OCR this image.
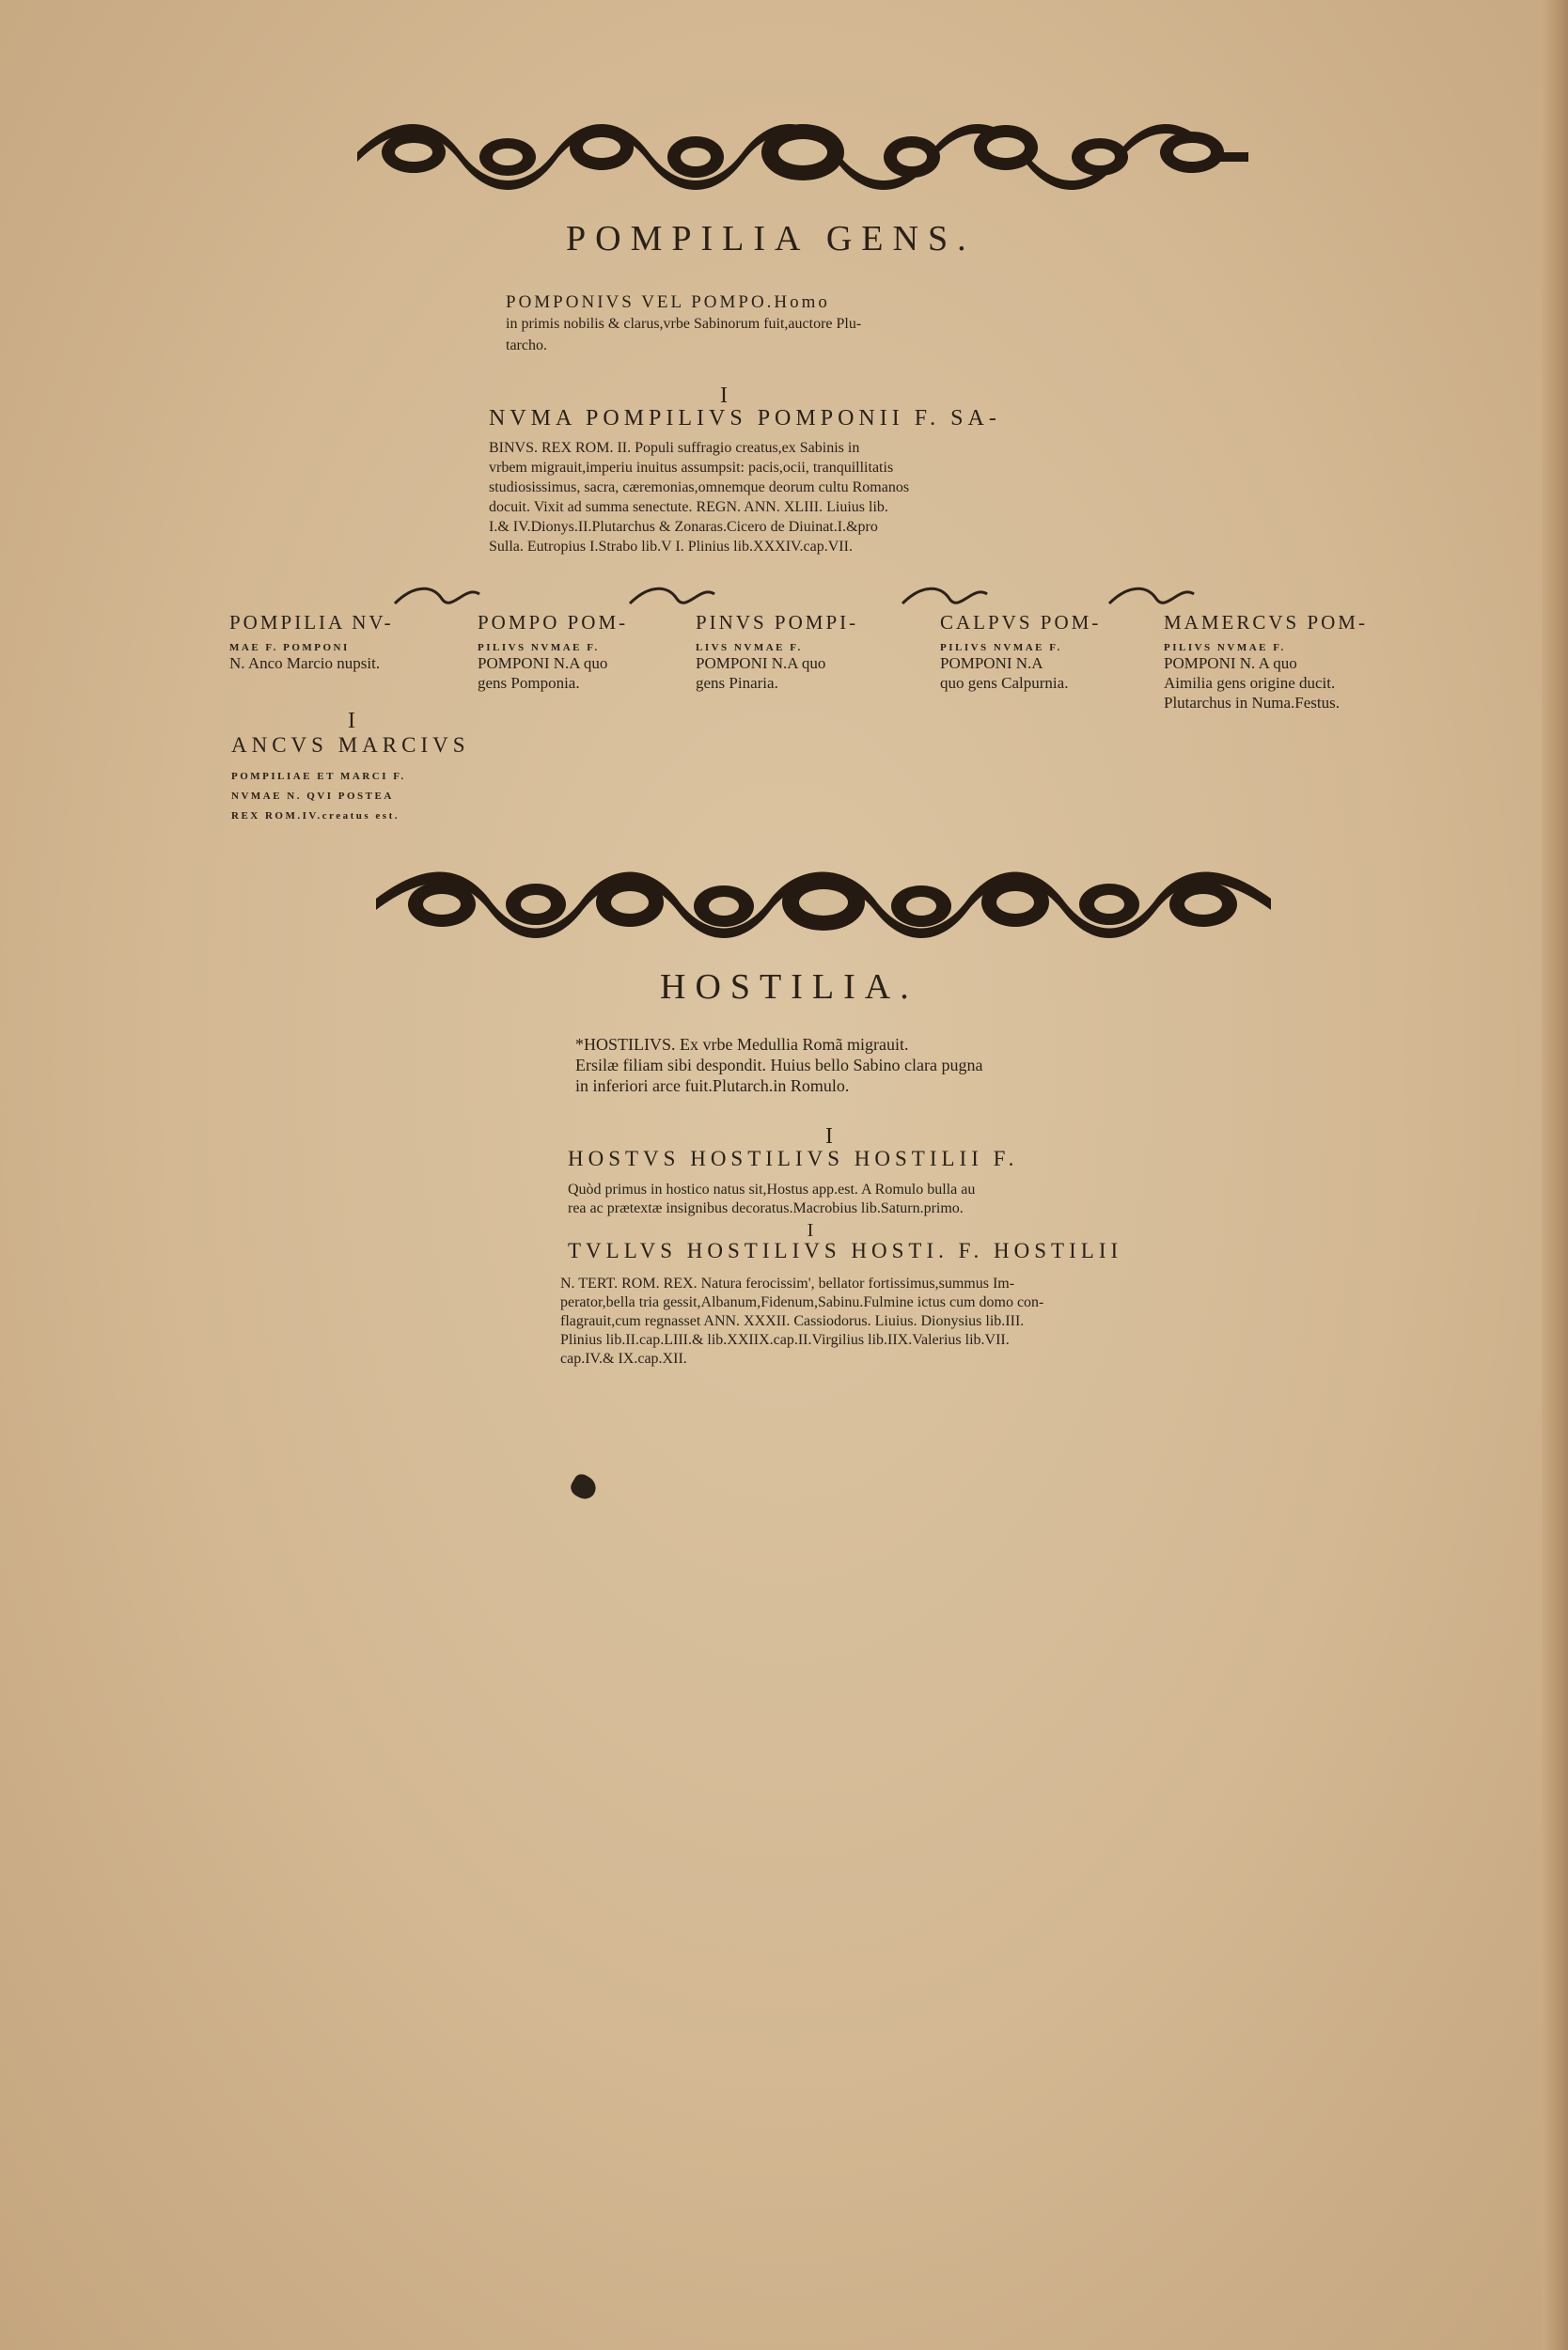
POMPILIA GENS.
POMPONIVS VEL POMPO.Homo
in primis nobilis & clarus,vrbe Sabinorum fuit,auctore Plu-
tarcho.
I
NVMA POMPILIVS POMPONII F. SA-
BINVS. REX ROM. II. Populi suffragio creatus,ex Sabinis in
vrbem migrauit,imperiu inuitus assumpsit: pacis,ocii, tranquillitatis
studiosissimus, sacra, cæremonias,omnemque deorum cultu Romanos
docuit. Vixit ad summa senectute. REGN. ANN. XLIII. Liuius lib.
I.& IV.Dionys.II.Plutarchus & Zonaras.Cicero de Diuinat.I.&pro
Sulla. Eutropius I.Strabo lib.V I. Plinius lib.XXXIV.cap.VII.
POMPILIA NV-
MAE F. POMPONI
N. Anco Marcio nupsit.
POMPO POM-
PILIVS NVMAE F.
POMPONI N.A quo
gens Pomponia.
PINVS POMPI-
LIVS NVMAE F.
POMPONI N.A quo
gens Pinaria.
CALPVS POM-
PILIVS NVMAE F.
POMPONI N.A
quo gens Calpurnia.
MAMERCVS POM-
PILIVS NVMAE F.
POMPONI N. A quo
Aimilia gens origine ducit.
Plutarchus in Numa.Festus.
I
ANCVS MARCIVS
POMPILIAE ET MARCI F.
NVMAE N. QVI POSTEA
REX ROM.IV.creatus est.
HOSTILIA.
*HOSTILIVS. Ex vrbe Medullia Romã migrauit.
Ersilæ filiam sibi despondit. Huius bello Sabino clara pugna
in inferiori arce fuit.Plutarch.in Romulo.
I
HOSTVS HOSTILIVS HOSTILII F.
Quòd primus in hostico natus sit,Hostus app.est. A Romulo bulla au
rea ac prætextæ insignibus decoratus.Macrobius lib.Saturn.primo.
I
TVLLVS HOSTILIVS HOSTI. F. HOSTILII
N. TERT. ROM. REX. Natura ferocissim', bellator fortissimus,summus Im-
perator,bella tria gessit,Albanum,Fidenum,Sabinu.Fulmine ictus cum domo con-
flagrauit,cum regnasset ANN. XXXII. Cassiodorus. Liuius. Dionysius lib.III.
Plinius lib.II.cap.LIII.& lib.XXIIX.cap.II.Virgilius lib.IIX.Valerius lib.VII.
cap.IV.& IX.cap.XII.
